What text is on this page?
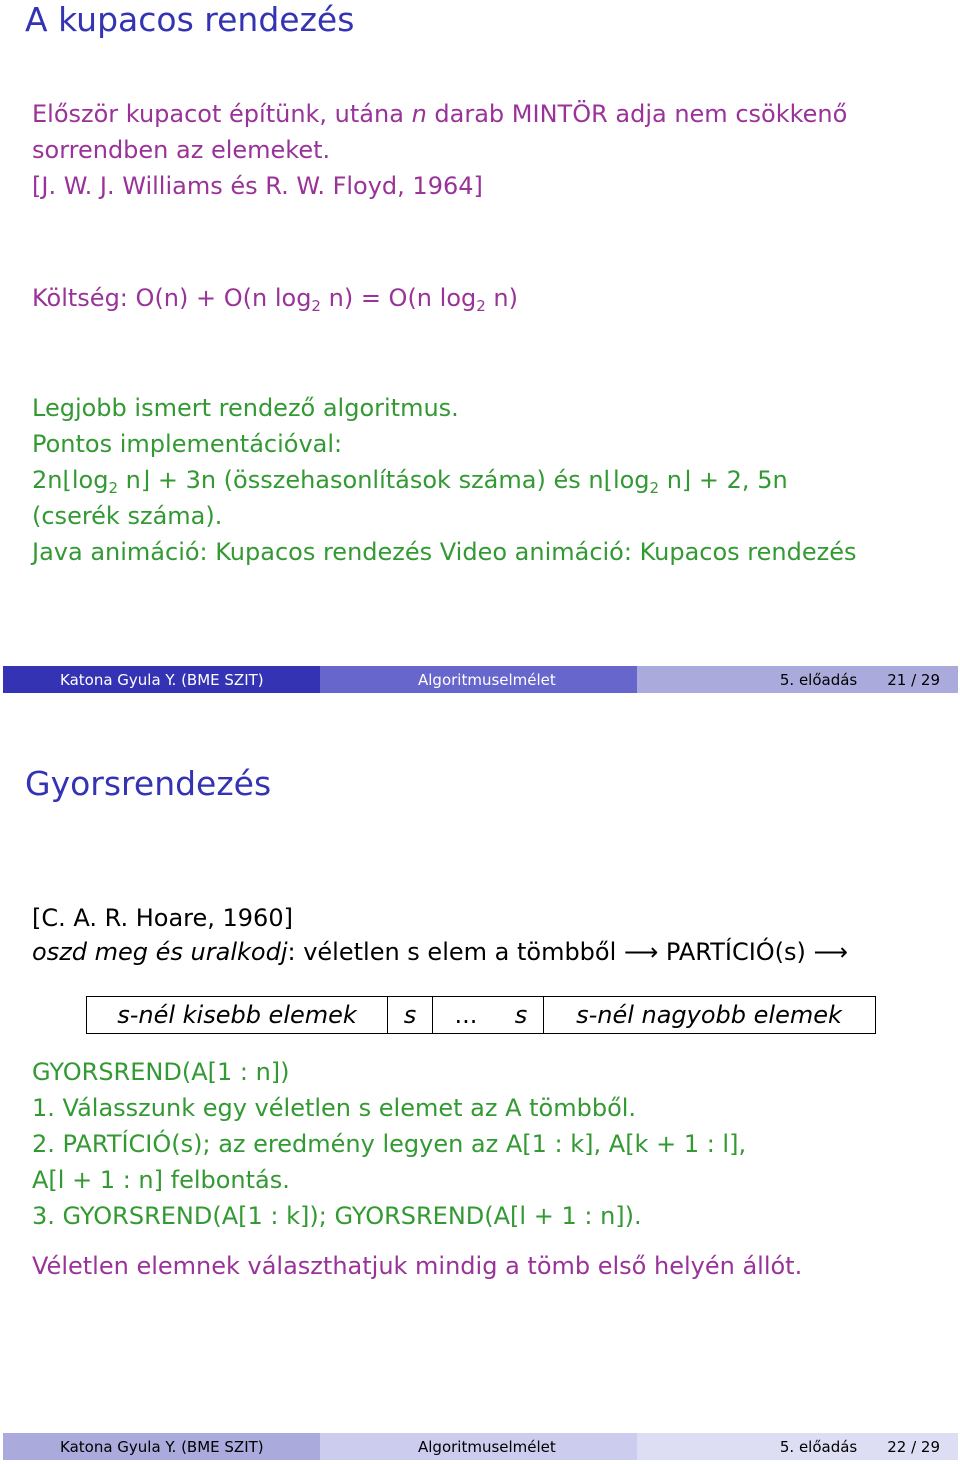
A kupacos rendezés
Először kupacot építünk, utána n darab MINTÖR adja nem csökkenő
sorrendben az elemeket.
[J. W. J. Williams és R. W. Floyd, 1964]
Költség: O(n) + O(n $\log_2 n) = O(n$ $\log_2 n$)
Legjobb ismert rendező algoritmus.
Pontos implementációval:
$2n⌊\log_2$ n⌋ + 3n (összehasonlítások száma) és $n⌊\log_2$ n⌋ + 2, 5n
(cserék száma).
Java animáció: Kupacos rendezés Video animáció: Kupacos rendezés
Katona Gyula Y. (BME SZIT)	Algoritmuselmélet	5. előadás 21 / 29
Gyorsrendezés
[C. A. R. Hoare, 1960]
oszd meg és uralkodj: véletlen s elem a tömbből ⟶ PARTÍCIÓ(s) ⟶
s-nél kisebb elemek	s	...	s	s-nél nagyobb elemek
GYORSREND(A[1 : n])
1. Válasszunk egy véletlen s elemet az A tömbből.
2. PARTÍCIÓ(s); az eredmény legyen az A[1 : k], A[k + 1 : l],
A[l + 1 : n] felbontás.
3. GYORSREND(A[1 : k]); GYORSREND(A[l + 1 : n]).
Véletlen elemnek választhatjuk mindig a tömb első helyén állót.
Katona Gyula Y. (BME SZIT)	Algoritmuselmélet	5. előadás 22 / 29
